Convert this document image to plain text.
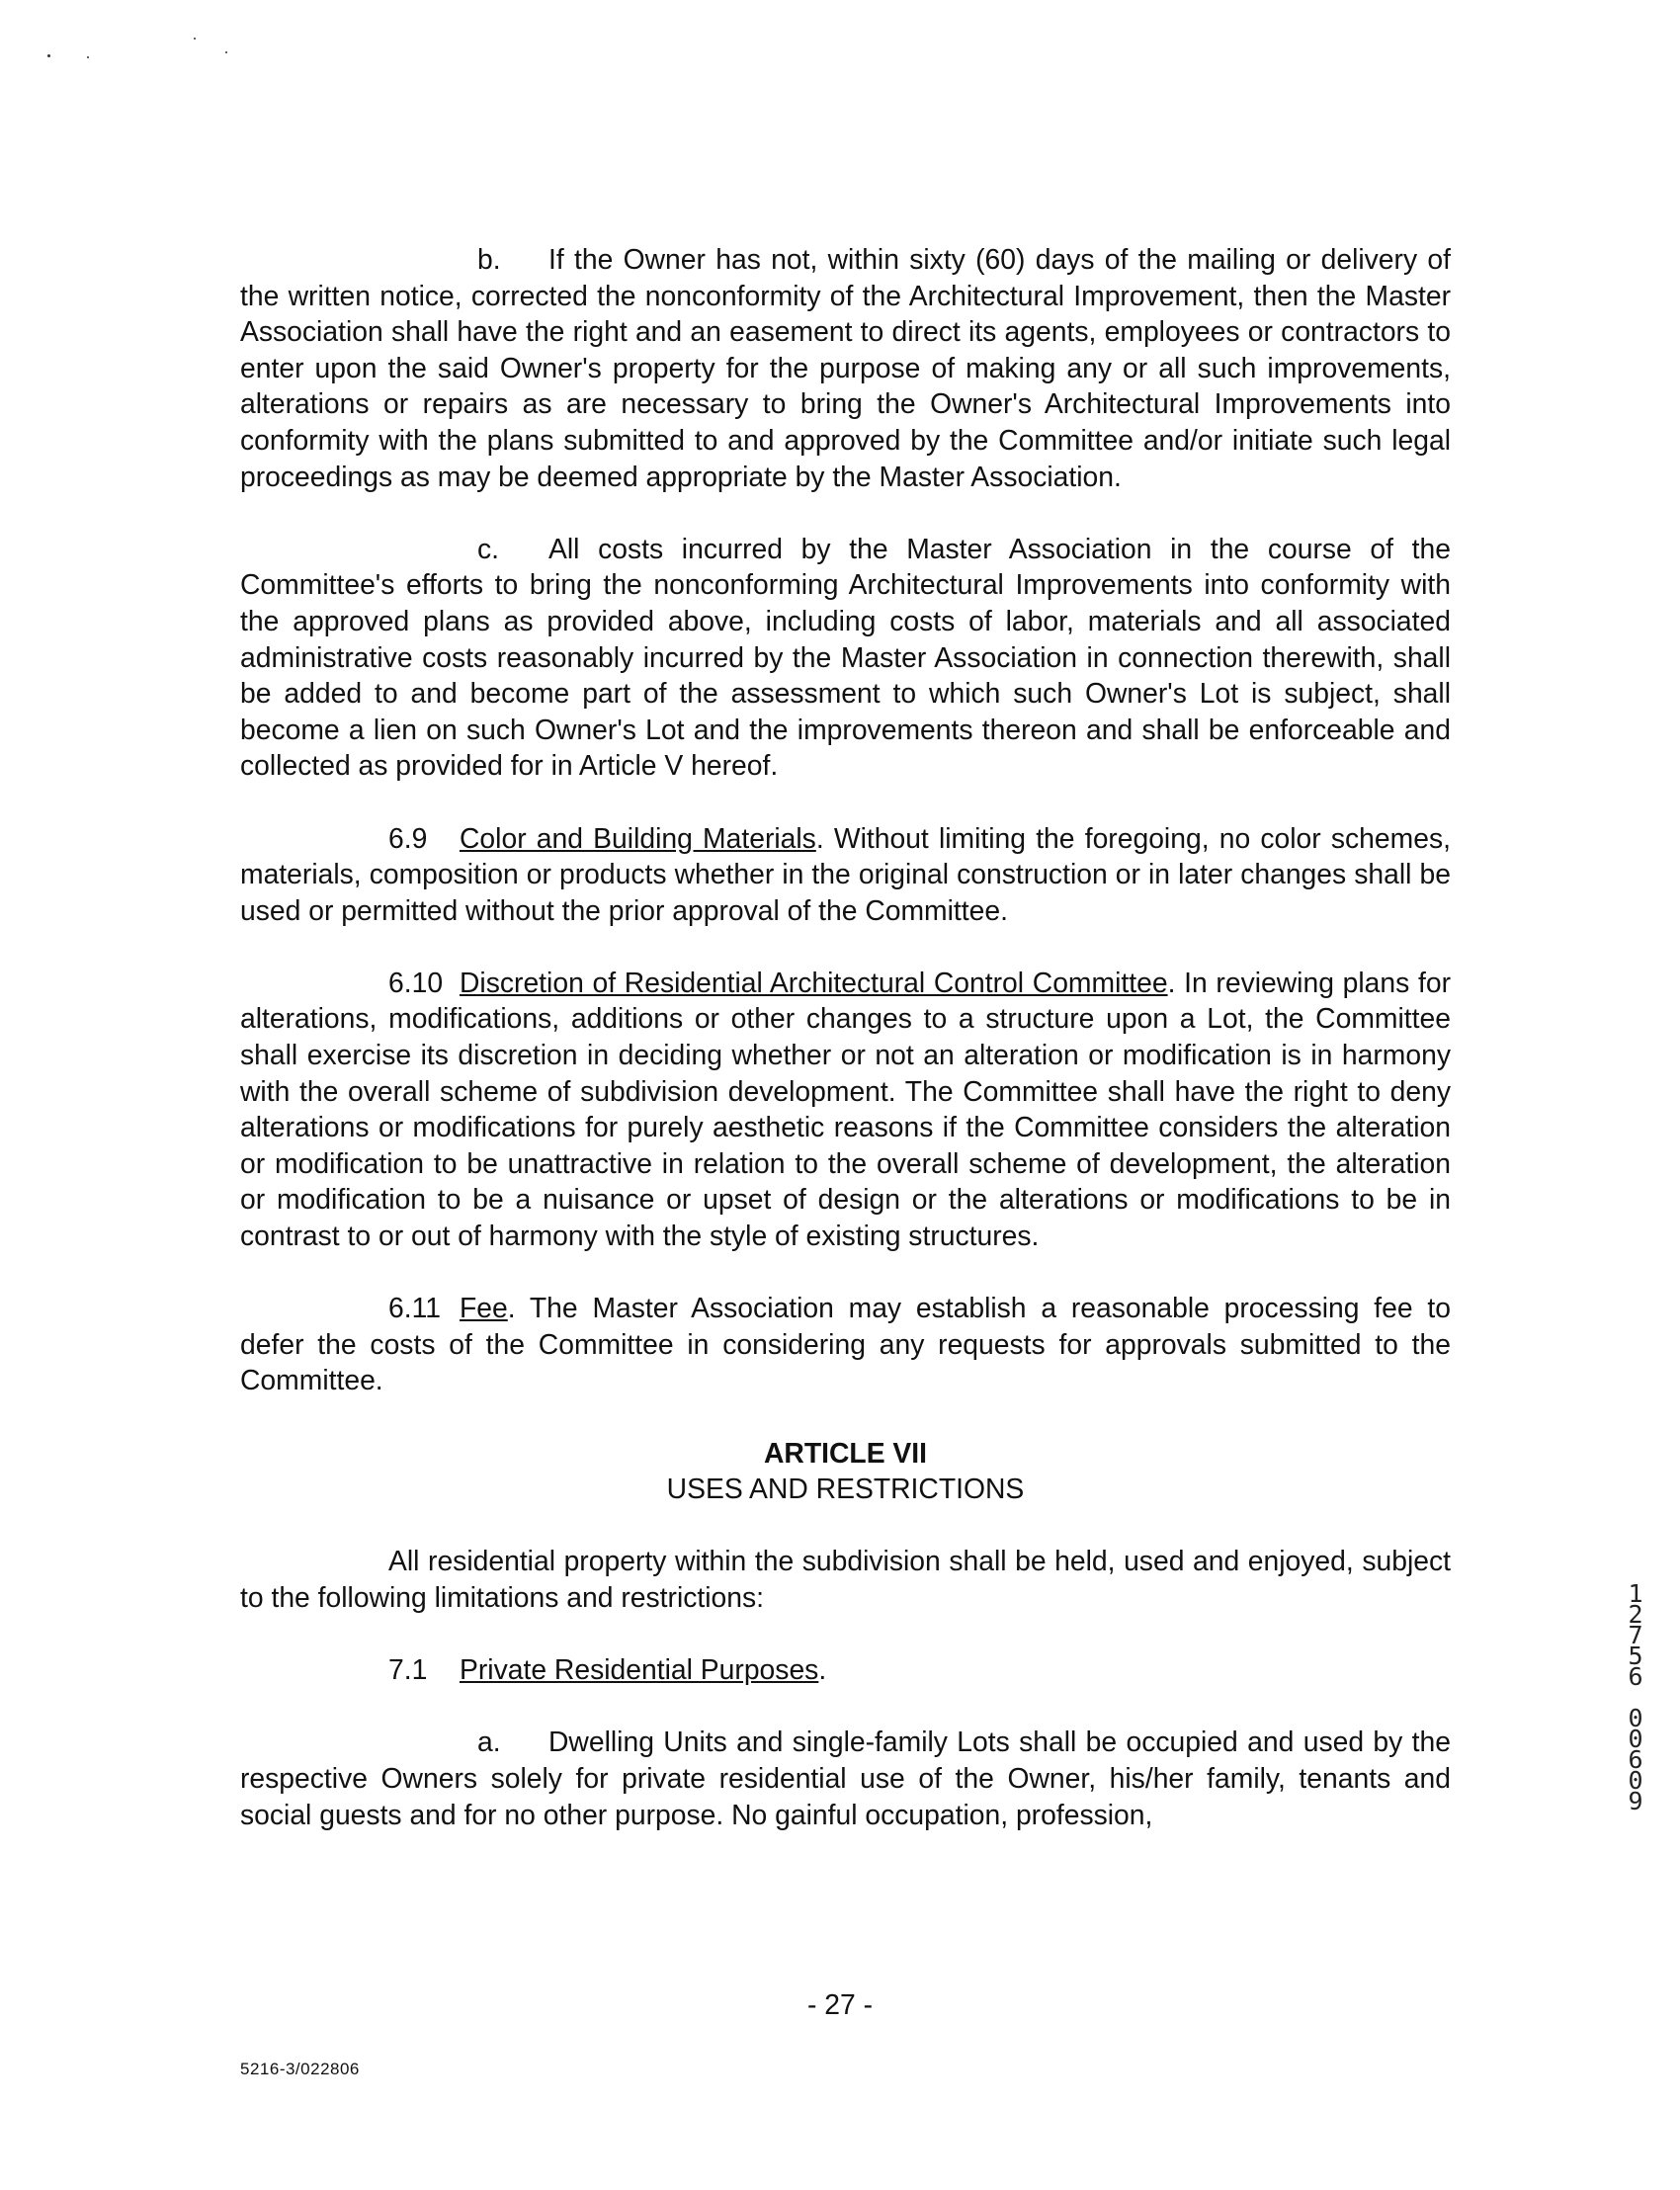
b. If the Owner has not, within sixty (60) days of the mailing or delivery of the written notice, corrected the nonconformity of the Architectural Improvement, then the Master Association shall have the right and an easement to direct its agents, employees or contractors to enter upon the said Owner's property for the purpose of making any or all such improvements, alterations or repairs as are necessary to bring the Owner's Architectural Improvements into conformity with the plans submitted to and approved by the Committee and/or initiate such legal proceedings as may be deemed appropriate by the Master Association.

c. All costs incurred by the Master Association in the course of the Committee's efforts to bring the nonconforming Architectural Improvements into conformity with the approved plans as provided above, including costs of labor, materials and all associated administrative costs reasonably incurred by the Master Association in connection therewith, shall be added to and become part of the assessment to which such Owner's Lot is subject, shall become a lien on such Owner's Lot and the improvements thereon and shall be enforceable and collected as provided for in Article V hereof.

6.9 Color and Building Materials. Without limiting the foregoing, no color schemes, materials, composition or products whether in the original construction or in later changes shall be used or permitted without the prior approval of the Committee.

6.10 Discretion of Residential Architectural Control Committee. In reviewing plans for alterations, modifications, additions or other changes to a structure upon a Lot, the Committee shall exercise its discretion in deciding whether or not an alteration or modification is in harmony with the overall scheme of subdivision development. The Committee shall have the right to deny alterations or modifications for purely aesthetic reasons if the Committee considers the alteration or modification to be unattractive in relation to the overall scheme of development, the alteration or modification to be a nuisance or upset of design or the alterations or modifications to be in contrast to or out of harmony with the style of existing structures.

6.11 Fee. The Master Association may establish a reasonable processing fee to defer the costs of the Committee in considering any requests for approvals submitted to the Committee.

ARTICLE VII

USES AND RESTRICTIONS

All residential property within the subdivision shall be held, used and enjoyed, subject to the following limitations and restrictions:

7.1 Private Residential Purposes.

a. Dwelling Units and single-family Lots shall be occupied and used by the respective Owners solely for private residential use of the Owner, his/her family, tenants and social guests and for no other purpose. No gainful occupation, profession,

1
2
7
5
6
0
0
6
0
9
- 27 -
5216-3/022806
